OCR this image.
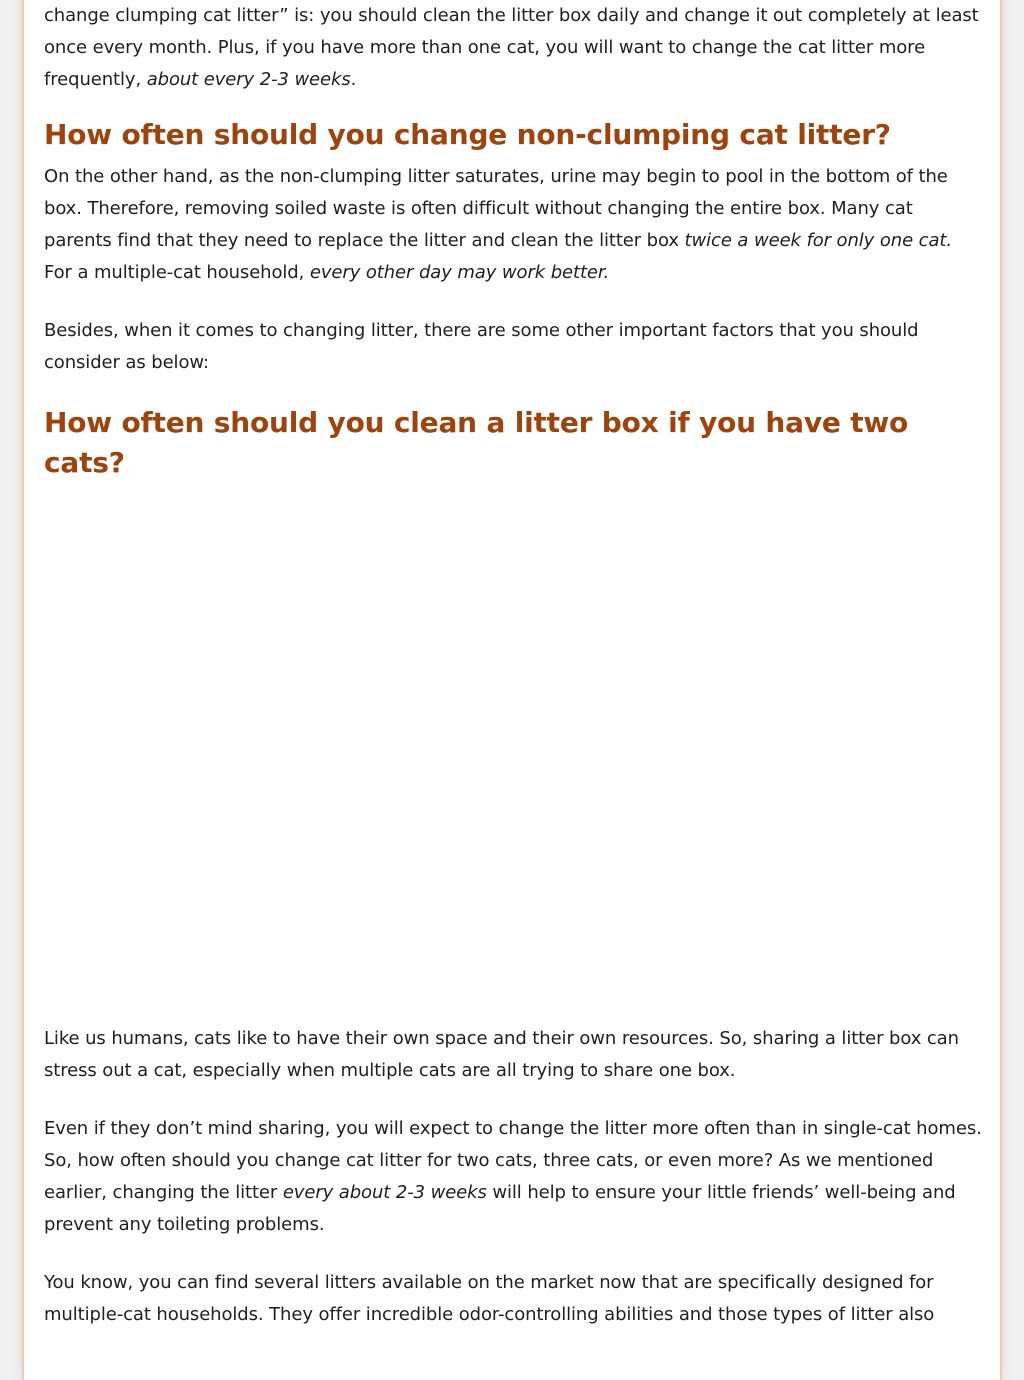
change clumping cat litter” is: you should clean the litter box daily and change it out completely at least once every month. Plus, if you have more than one cat, you will want to change the cat litter more frequently, about every 2-3 weeks.

How often should you change non-clumping cat litter?

On the other hand, as the non-clumping litter saturates, urine may begin to pool in the bottom of the box. Therefore, removing soiled waste is often difficult without changing the entire box. Many cat parents find that they need to replace the litter and clean the litter box twice a week for only one cat. For a multiple-cat household, every other day may work better.

Besides, when it comes to changing litter, there are some other important factors that you should consider as below:

How often should you clean a litter box if you have two cats?

Like us humans, cats like to have their own space and their own resources. So, sharing a litter box can stress out a cat, especially when multiple cats are all trying to share one box.

Even if they don’t mind sharing, you will expect to change the litter more often than in single-cat homes. So, how often should you change cat litter for two cats, three cats, or even more? As we mentioned earlier, changing the litter every about 2-3 weeks will help to ensure your little friends’ well-being and prevent any toileting problems.

You know, you can find several litters available on the market now that are specifically designed for multiple-cat households. They offer incredible odor-controlling abilities and those types of litter also
